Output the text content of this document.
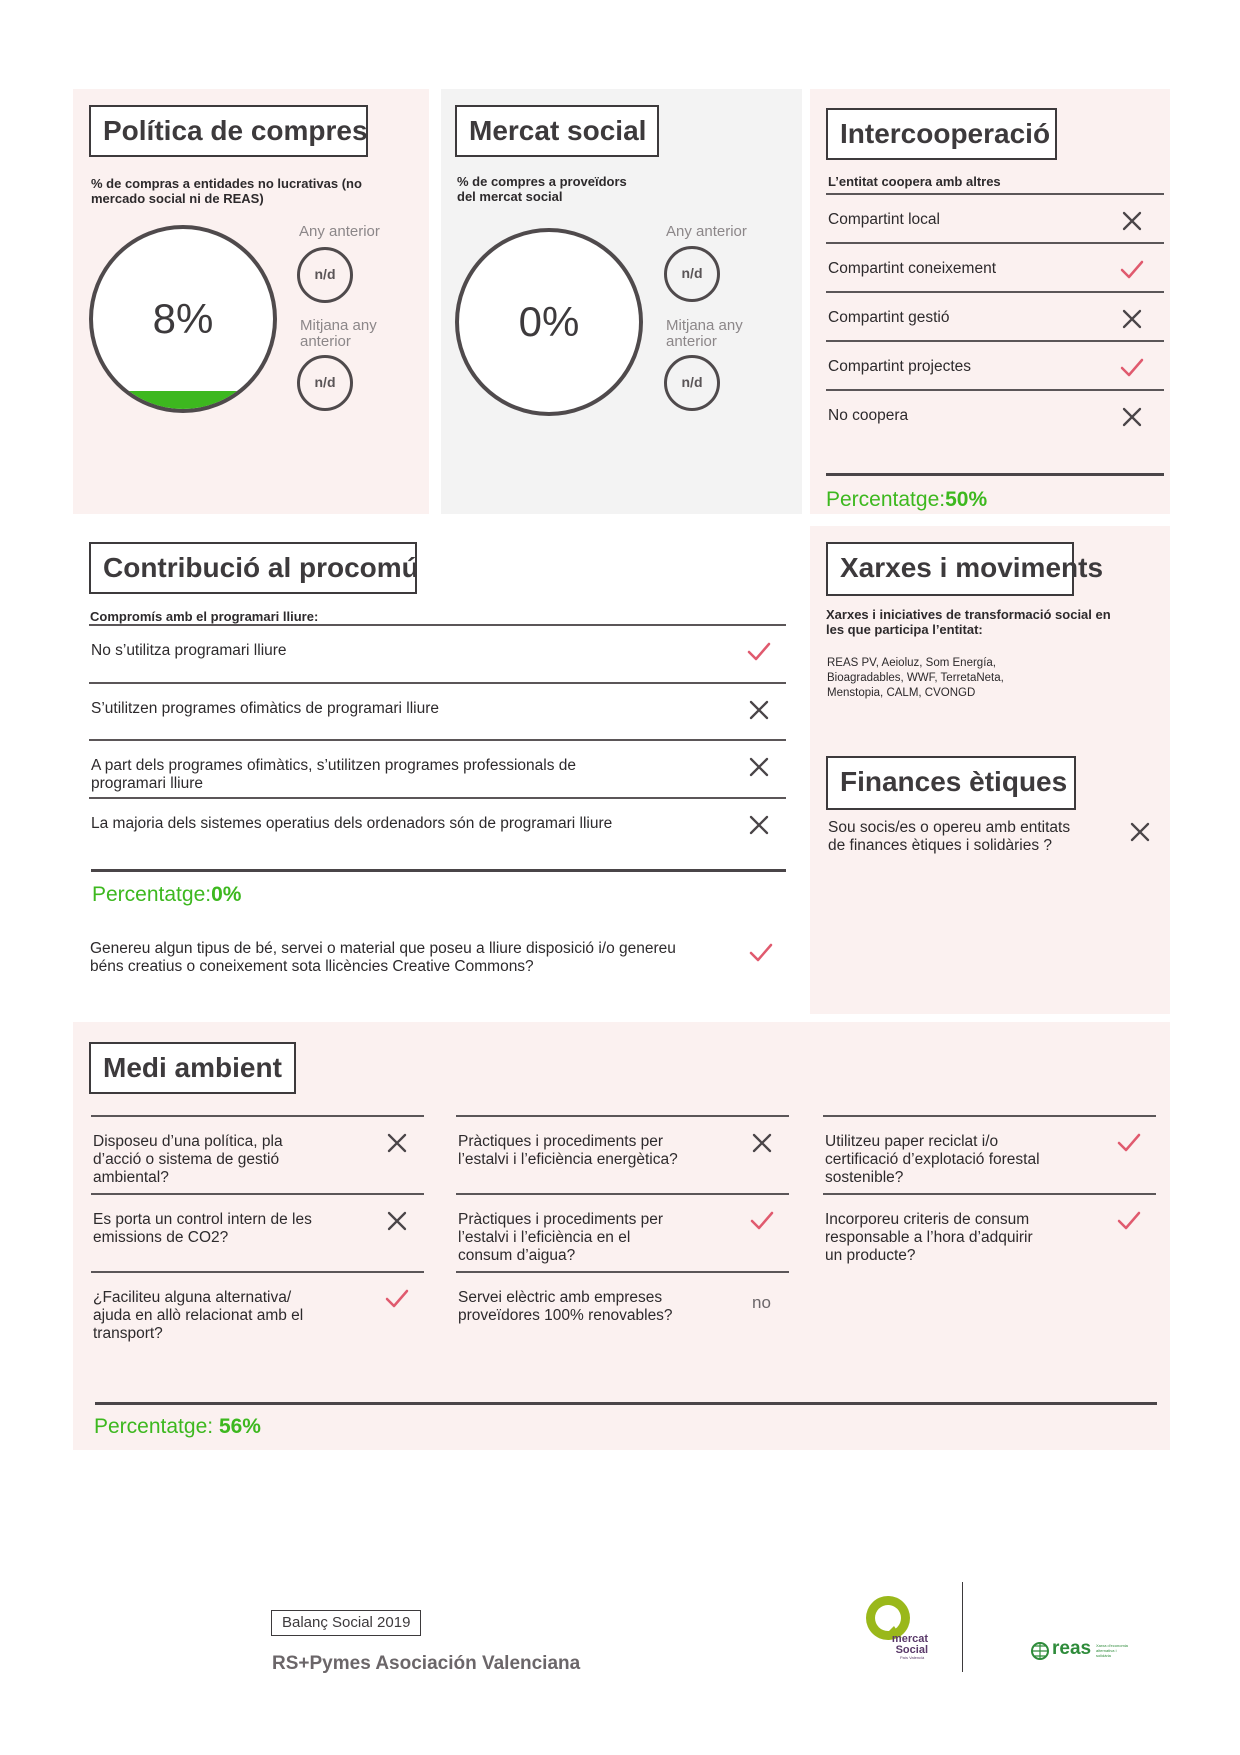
Política de compres
% de compras a entidades no lucrativas (no mercado social ni de REAS)
8%
Any anterior
n/d
Mitjana any anterior
n/d
Mercat social
% de compres a proveïdors del mercat social
0%
Any anterior
n/d
Mitjana any anterior
n/d
Intercooperació
L’entitat coopera amb altres
Compartint local
Compartint coneixement
Compartint gestió
Compartint projectes
No coopera
Percentatge:50%
Contribució al procomú
Compromís amb el programari lliure:
No s’utilitza programari lliure
S’utilitzen programes ofimàtics de programari lliure
A part dels programes ofimàtics, s’utilitzen programes professionals de programari lliure
La majoria dels sistemes operatius dels ordenadors són de programari lliure
Percentatge:0%
Genereu algun tipus de bé, servei o material que poseu a lliure disposició i/o genereu béns creatius o coneixement sota llicències Creative Commons?
Xarxes i moviments
Xarxes i iniciatives de transformació social en les que participa l’entitat:
REAS PV, Aeioluz, Som Energía, Bioagradables, WWF, TerretaNeta, Menstopia, CALM, CVONGD
Finances ètiques
Sou socis/es o opereu amb entitats de finances ètiques i solidàries ?
Medi ambient
Disposeu d’una política, pla d’acció o sistema de gestió ambiental?
Es porta un control intern de les emissions de CO2?
¿Faciliteu alguna alternativa/ ajuda en allò relacionat amb el transport?
Pràctiques i procediments per l’estalvi i l’eficiència energètica?
Pràctiques i procediments per l’estalvi i l’eficiència en el consum d’aigua?
Servei elèctric amb empreses proveïdores 100% renovables?
no
Utilitzeu paper reciclat i/o certificació d’explotació forestal sostenible?
Incorporeu criteris de consum responsable a l’hora d’adquirir un producte?
Percentatge: 56%
Balanç Social 2019
RS+Pymes Asociación Valenciana
mercat Social
País Valencià	reas Xarxa d'economia alternativa i solidària
